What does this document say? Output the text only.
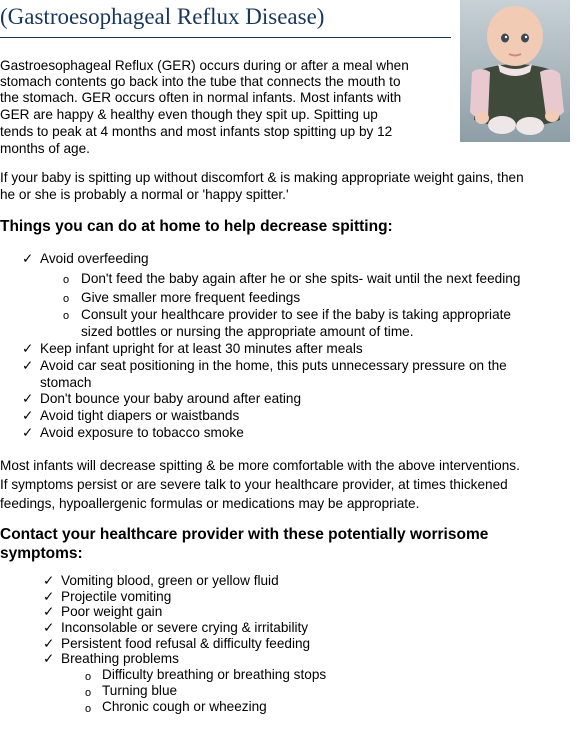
(Gastroesophageal Reflux Disease)

Gastroesophageal Reflux (GER) occurs during or after a meal when

stomach contents go back into the tube that connects the mouth to

the stomach. GER occurs often in normal infants. Most infants with

GER are happy & healthy even though they spit up. Spitting up

tends to peak at 4 months and most infants stop spitting up by 12

months of age.

If your baby is spitting up without discomfort & is making appropriate weight gains, then

he or she is probably a normal or 'happy spitter.'

Things you can do at home to help decrease spitting:
✓ Avoid overfeeding
o Don't feed the baby again after he or she spits- wait until the next feeding
o Give smaller more frequent feedings
o Consult your healthcare provider to see if the baby is taking appropriate
sized bottles or nursing the appropriate amount of time.
✓ Keep infant upright for at least 30 minutes after meals
✓ Avoid car seat positioning in the home, this puts unnecessary pressure on the
stomach
✓ Don't bounce your baby around after eating
✓ Avoid tight diapers or waistbands
✓ Avoid exposure to tobacco smoke

Most infants will decrease spitting & be more comfortable with the above interventions.

If symptoms persist or are severe talk to your healthcare provider, at times thickened

feedings, hypoallergenic formulas or medications may be appropriate.

Contact your healthcare provider with these potentially worrisome
symptoms:
✓ Vomiting blood, green or yellow fluid
✓ Projectile vomiting
✓ Poor weight gain
✓ Inconsolable or severe crying & irritability
✓ Persistent food refusal & difficulty feeding
✓ Breathing problems
o Difficulty breathing or breathing stops
o Turning blue
o Chronic cough or wheezing
